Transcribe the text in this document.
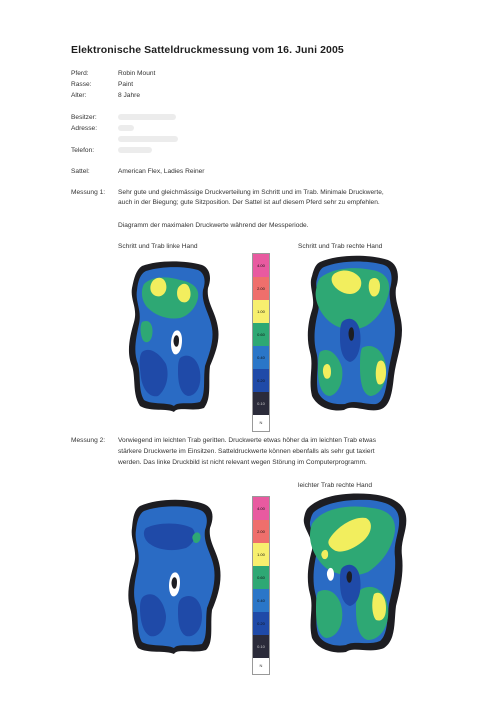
Elektronische Satteldruckmessung vom 16. Juni 2005
Pferd:	Robin Mount
Rasse:	Paint
Alter:	8 Jahre
Besitzer:
Adresse:
Telefon:
Sattel:	American Flex, Ladies Reiner
Messung 1: Sehr gute und gleichmässige Druckverteilung im Schritt und im Trab. Minimale Druckwerte,
auch in der Biegung; gute Sitzposition. Der Sattel ist auf diesem Pferd sehr zu empfehlen.
Diagramm der maximalen Druckwerte während der Messperiode.
Schritt und Trab linke Hand	Schritt und Trab rechte Hand
4.00
2.00
1.00
0.60
0.40
0.20
0.10
N
Messung 2: Vorwiegend im leichten Trab geritten. Druckwerte etwas höher da im leichten Trab etwas
stärkere Druckwerte im Einsitzen. Satteldruckwerte können ebenfalls als sehr gut taxiert
werden. Das linke Druckbild ist nicht relevant wegen Störung im Computerprogramm.
leichter Trab rechte Hand
4.00
2.00
1.00
0.60
0.40
0.20
0.10
N
